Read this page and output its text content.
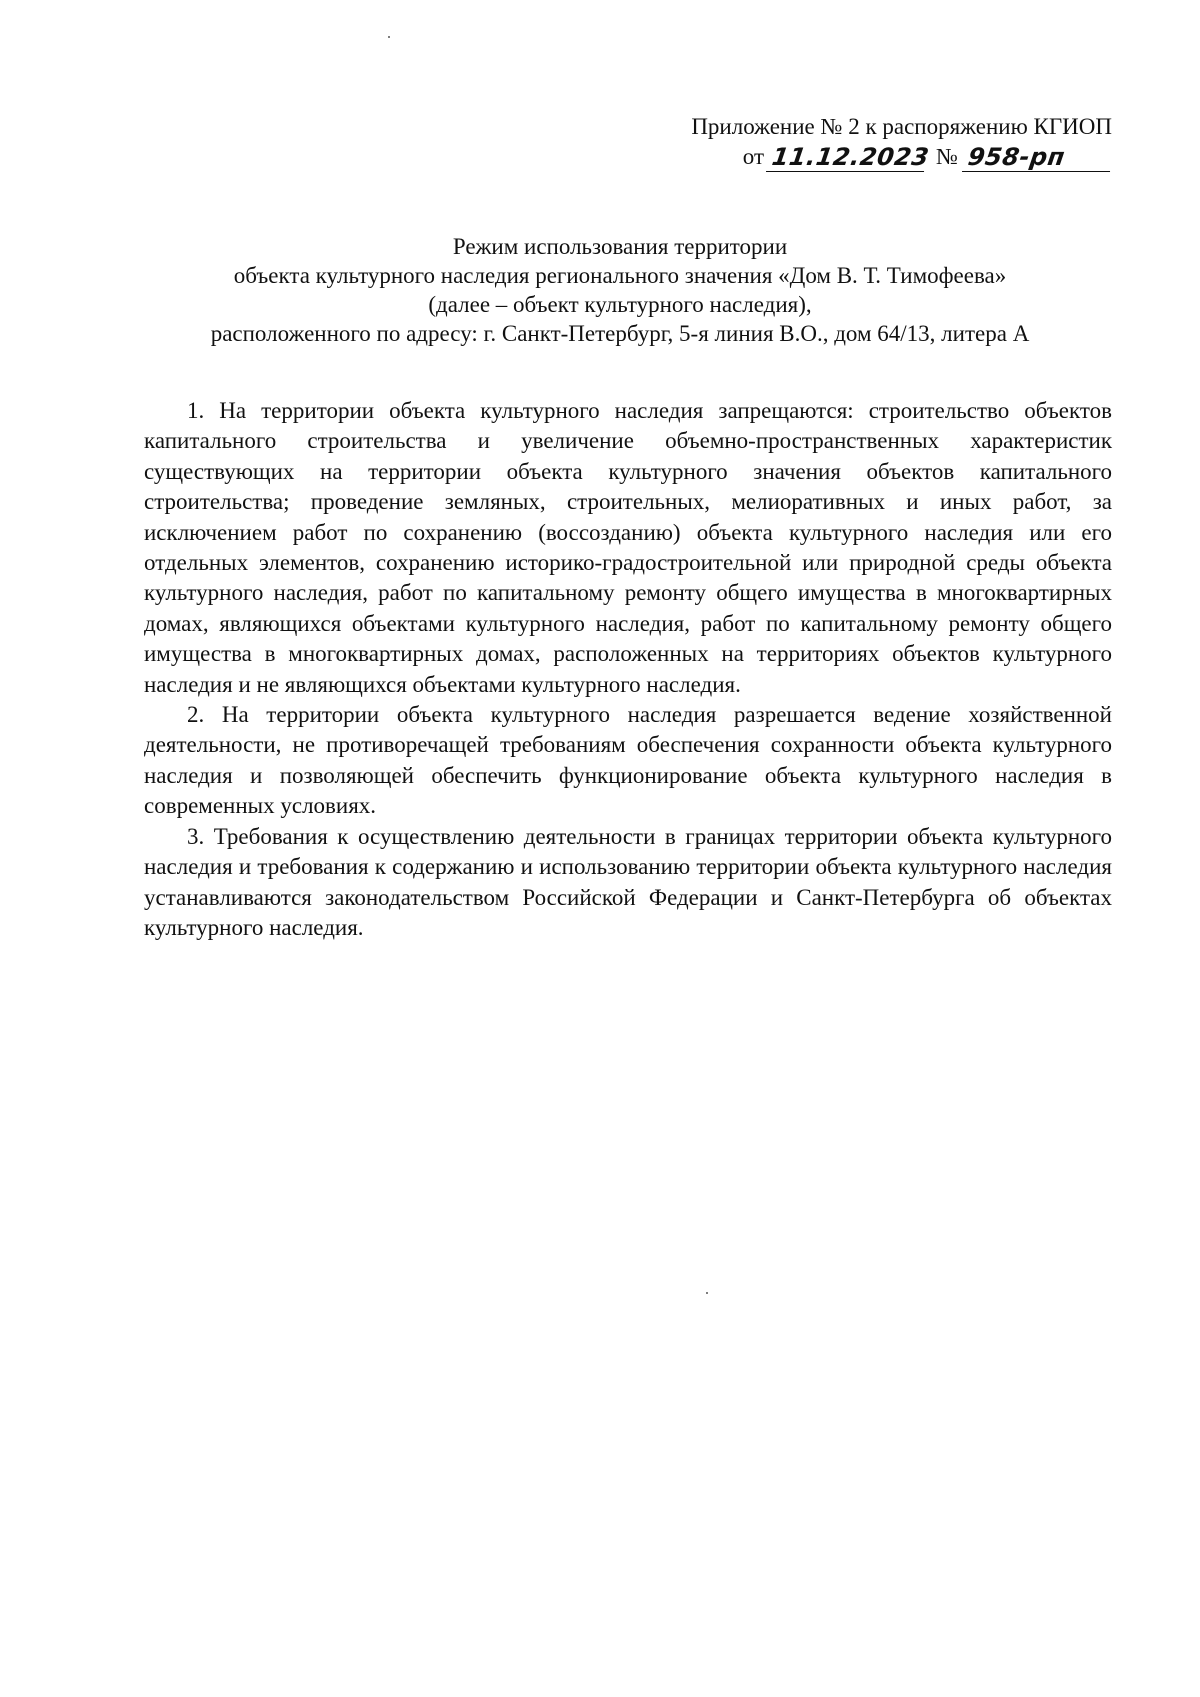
Приложение № 2 к распоряжению КГИОП
от 11.12.2023 № 958-рп
Режим использования территории
объекта культурного наследия регионального значения «Дом В. Т. Тимофеева»
(далее – объект культурного наследия),
расположенного по адресу: г. Санкт-Петербург, 5-я линия В.О., дом 64/13, литера А

1. На территории объекта культурного наследия запрещаются: строительство объектов капитального строительства и увеличение объемно-пространственных характеристик существующих на территории объекта культурного значения объектов капитального строительства; проведение земляных, строительных, мелиоративных и иных работ, за исключением работ по сохранению (воссозданию) объекта культурного наследия или его отдельных элементов, сохранению историко-градостроительной или природной среды объекта культурного наследия, работ по капитальному ремонту общего имущества в многоквартирных домах, являющихся объектами культурного наследия, работ по капитальному ремонту общего имущества в многоквартирных домах, расположенных на территориях объектов культурного наследия и не являющихся объектами культурного наследия.

2. На территории объекта культурного наследия разрешается ведение хозяйственной деятельности, не противоречащей требованиям обеспечения сохранности объекта культурного наследия и позволяющей обеспечить функционирование объекта культурного наследия в современных условиях.

3. Требования к осуществлению деятельности в границах территории объекта культурного наследия и требования к содержанию и использованию территории объекта культурного наследия устанавливаются законодательством Российской Федерации и Санкт-Петербурга об объектах культурного наследия.
